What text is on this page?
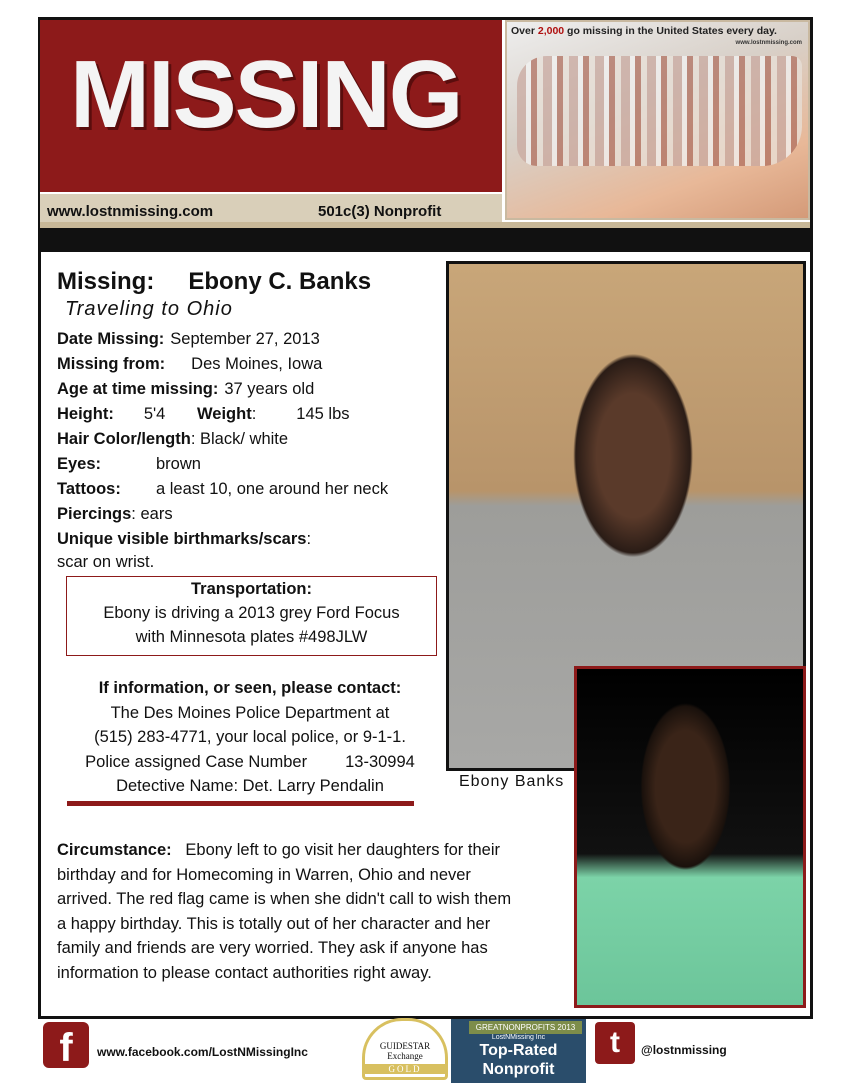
MISSING
Over 2,000 go missing in the United States every day.
www.lostnmissing.com
www.lostnmissing.com	501c(3) Nonprofit
Missing: Ebony C. Banks
Traveling to Ohio
Date Missing: September 27, 2013
Missing from: Des Moines, Iowa
Age at time missing: 37 years old
Height: 5'4 Weight: 145 lbs
Hair Color/length: Black/ white
Eyes:	brown
Tattoos: a least 10, one around her neck
Piercings: ears
Unique visible birthmarks/scars:
scar on wrist.
Transportation:
Ebony is driving a 2013 grey Ford Focus
with Minnesota plates #498JLW
If information, or seen, please contact:
The Des Moines Police Department at
(515) 283-4771, your local police, or 9-1-1.
Police assigned Case Number 13-30994
Detective Name: Det. Larry Pendalin
Circumstance: Ebony left to go visit her daughters for their birthday and for Homecoming in Warren, Ohio and never arrived. The red flag came is when she didn't call to wish them a happy birthday. This is totally out of her character and her family and friends are very worried. They ask if anyone has information to please contact authorities right away.
Ebony Banks
f	www.facebook.com/LostNMissingInc	GUIDESTAR
Exchange
GOLD
GREATNONPROFITS 2013
LostNMissing Inc
Top-Rated
Nonprofit
t	@lostnmissing
